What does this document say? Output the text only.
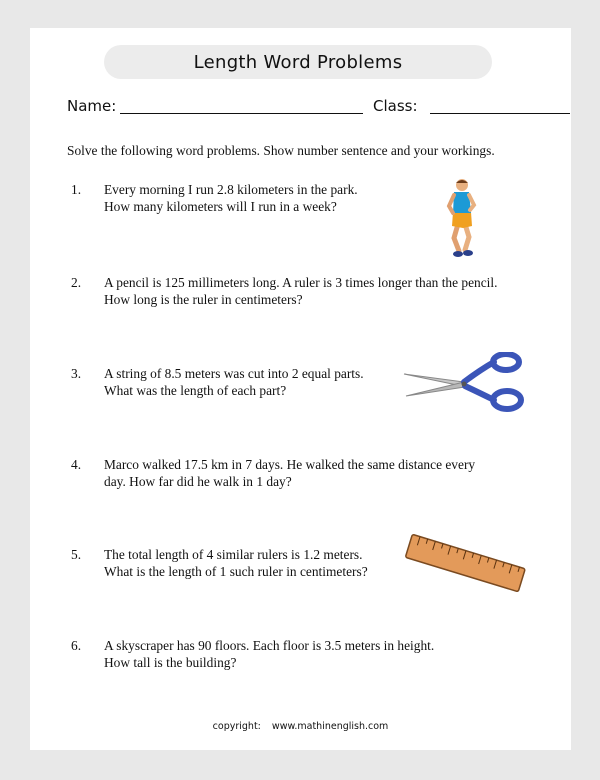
Length Word Problems
Name:	Class:
Solve the following word problems. Show number sentence and your workings.
1. Every morning I run 2.8 kilometers in the park.
How many kilometers will I run in a week?
2. A pencil is 125 millimeters long. A ruler is 3 times longer than the pencil.
How long is the ruler in centimeters?
3. A string of 8.5 meters was cut into 2 equal parts.
What was the length of each part?
4. Marco walked 17.5 km in 7 days. He walked the same distance every
day. How far did he walk in 1 day?
5. The total length of 4 similar rulers is 1.2 meters.
What is the length of 1 such ruler in centimeters?
6. A skyscraper has 90 floors. Each floor is 3.5 meters in height.
How tall is the building?
copyright: www.mathinenglish.com
